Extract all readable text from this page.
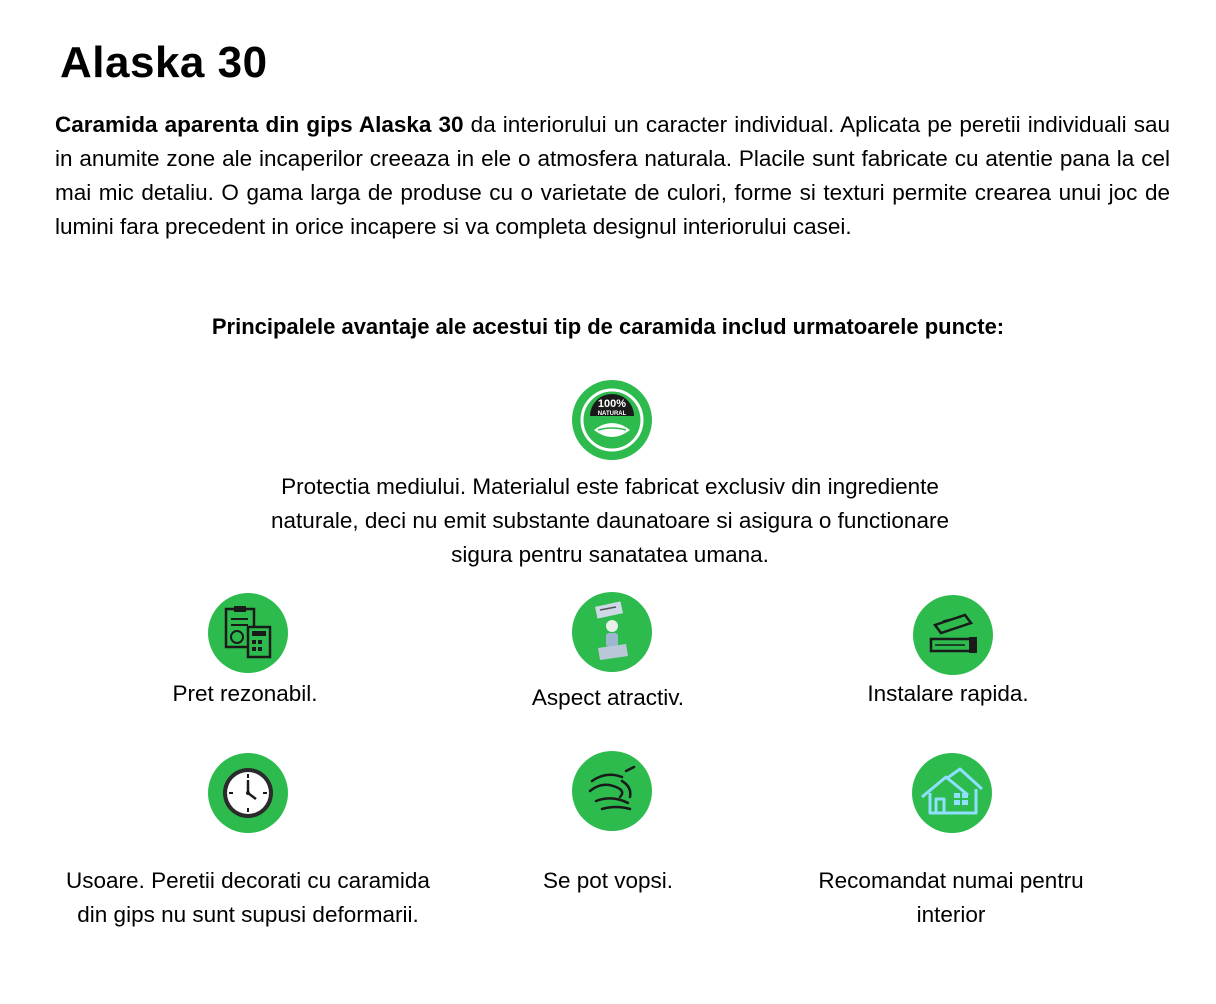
Alaska 30

Caramida aparenta din gips Alaska 30 da interiorului un caracter individual. Aplicata pe peretii individuali sau in anumite zone ale incaperilor creeaza in ele o atmosfera naturala. Placile sunt fabricate cu atentie pana la cel mai mic detaliu. O gama larga de produse cu o varietate de culori, forme si texturi permite crearea unui joc de lumini fara precedent in orice incapere si va completa designul interiorului casei.

Principalele avantaje ale acestui tip de caramida includ urmatoarele puncte:

100%
NATURAL

Protectia mediului. Materialul este fabricat exclusiv din ingrediente naturale, deci nu emit substante daunatoare si asigura o functionare sigura pentru sanatatea umana.

Pret rezonabil.	Aspect atractiv.	Instalare rapida.

Usoare. Peretii decorati cu caramida din gips nu sunt supusi deformarii.

Se pot vopsi.	Recomandat numai pentru interior
